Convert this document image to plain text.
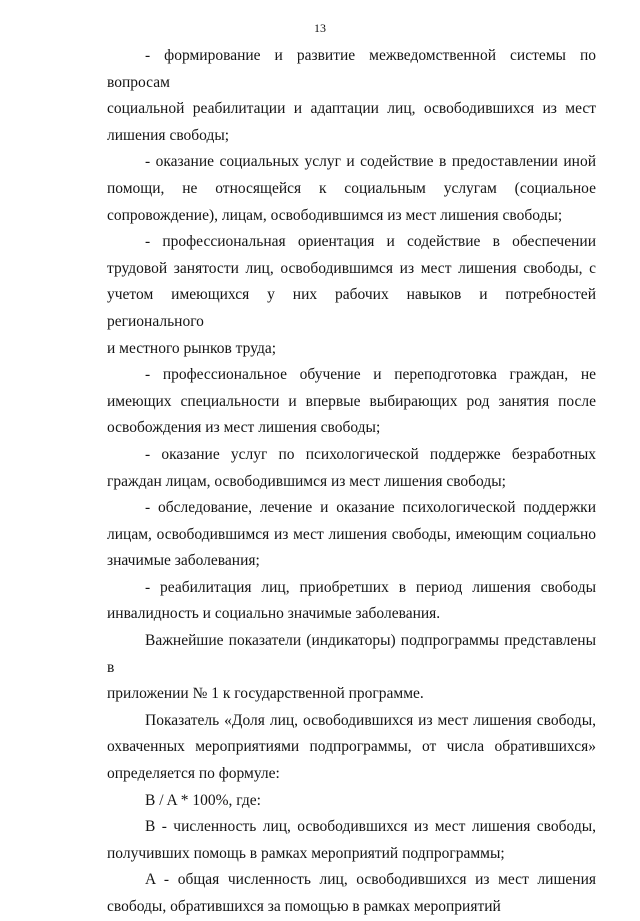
13
- формирование и развитие межведомственной системы по вопросам
социальной реабилитации и адаптации лиц, освободившихся из мест
лишения свободы;
- оказание социальных услуг и содействие в предоставлении иной
помощи, не относящейся к социальным услугам (социальное
сопровождение), лицам, освободившимся из мест лишения свободы;
- профессиональная ориентация и содействие в обеспечении
трудовой занятости лиц, освободившимся из мест лишения свободы, с
учетом имеющихся у них рабочих навыков и потребностей регионального
и местного рынков труда;
- профессиональное обучение и переподготовка граждан, не
имеющих специальности и впервые выбирающих род занятия после
освобождения из мест лишения свободы;
- оказание услуг по психологической поддержке безработных
граждан лицам, освободившимся из мест лишения свободы;
- обследование, лечение и оказание психологической поддержки
лицам, освободившимся из мест лишения свободы, имеющим социально
значимые заболевания;
- реабилитация лиц, приобретших в период лишения свободы
инвалидность и социально значимые заболевания.
Важнейшие показатели (индикаторы) подпрограммы представлены в
приложении № 1 к государственной программе.
Показатель «Доля лиц, освободившихся из мест лишения свободы,
охваченных мероприятиями подпрограммы, от числа обратившихся»
определяется по формуле:
B / A * 100%, где:
B - численность лиц, освободившихся из мест лишения свободы,
получивших помощь в рамках мероприятий подпрограммы;
A - общая численность лиц, освободившихся из мест лишения
свободы, обратившихся за помощью в рамках мероприятий
